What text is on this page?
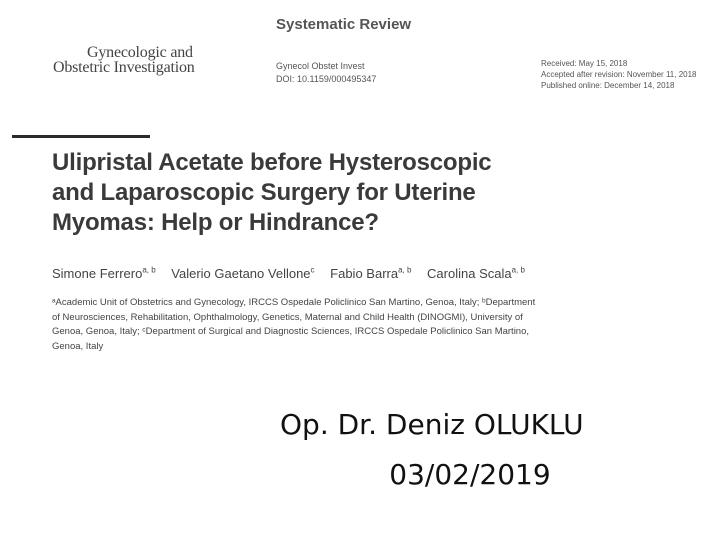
Gynecologic and
Obstetric Investigation
Systematic Review
Gynecol Obstet Invest
DOI: 10.1159/000495347
Received: May 15, 2018
Accepted after revision: November 11, 2018
Published online: December 14, 2018
Ulipristal Acetate before Hysteroscopic
and Laparoscopic Surgery for Uterine
Myomas: Help or Hindrance?
Simone Ferrero$^{a, b}$ Valerio Gaetano Vellone$^c$ Fabio Barra$^{a, b}$ Carolina Scala$^{a, b}$
ᵃAcademic Unit of Obstetrics and Gynecology, IRCCS Ospedale Policlinico San Martino, Genoa, Italy; ᵇDepartment
of Neurosciences, Rehabilitation, Ophthalmology, Genetics, Maternal and Child Health (DINOGMI), University of
Genoa, Genoa, Italy; ᶜDepartment of Surgical and Diagnostic Sciences, IRCCS Ospedale Policlinico San Martino,
Genoa, Italy
Op. Dr. Deniz OLUKLU
03/02/2019
